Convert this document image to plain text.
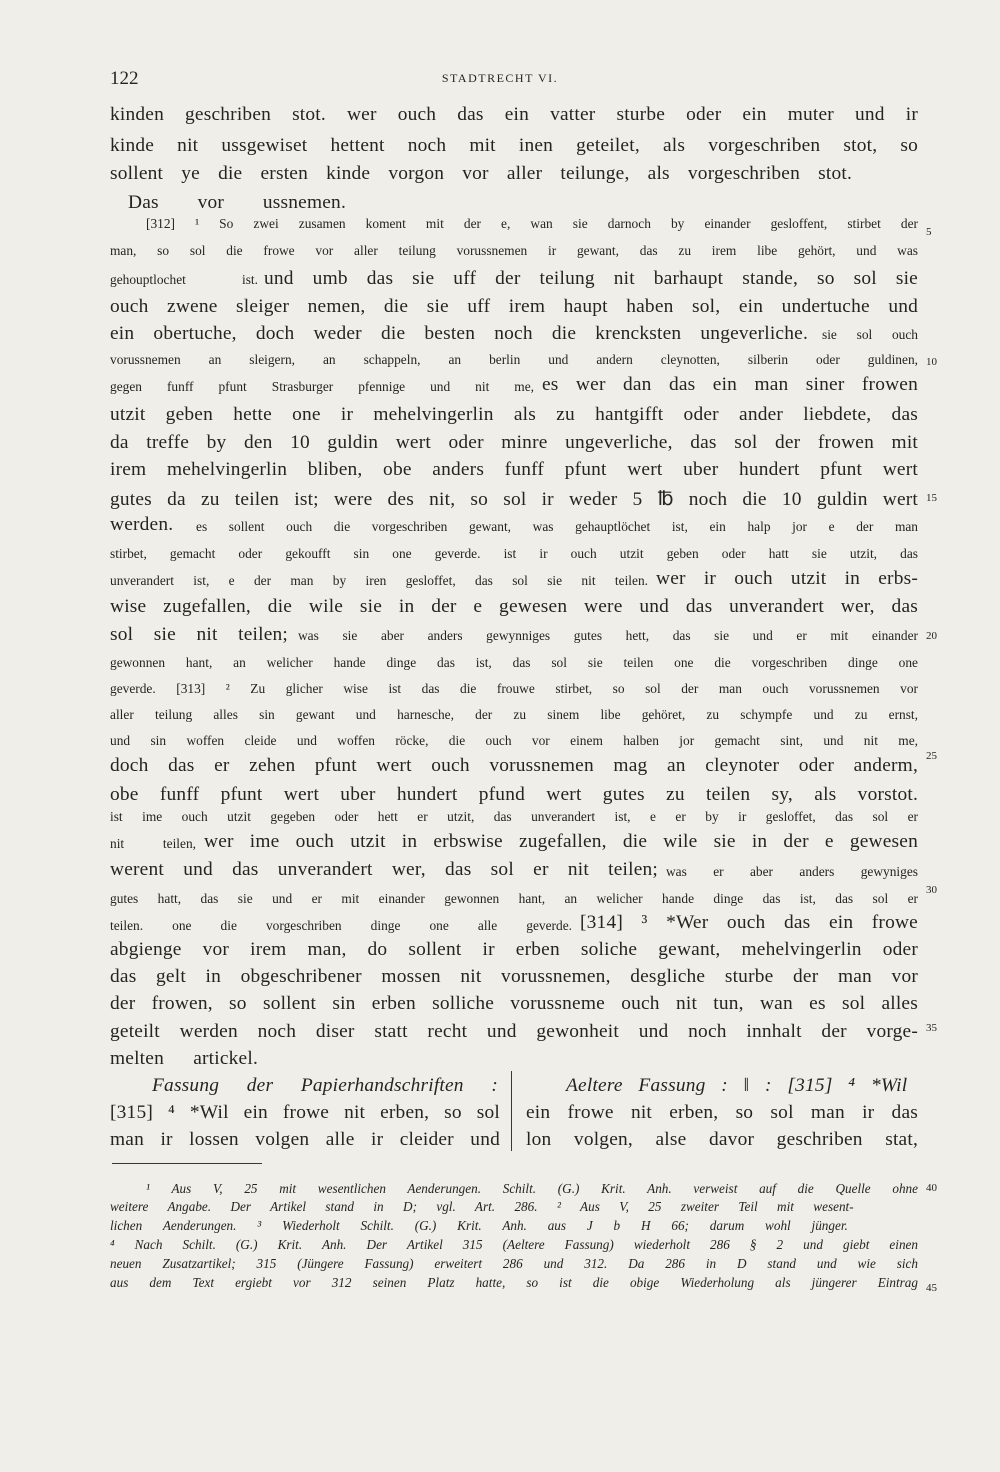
122	STADTRECHT VI.
kinden geschriben stot. wer ouch das ein vatter sturbe oder ein muter und ir
kinde nit ussgewiset hettent noch mit inen geteilet, als vorgeschriben stot, so
sollent ye die ersten kinde vorgon vor aller teilunge, als vorgeschriben stot.
Das vor ussnemen.
[312] ¹ So zwei zusamen koment mit der e, wan sie darnoch by einander gesloffent, stirbet der
man, so sol die frowe vor aller teilung vorussnemen ir gewant, das zu irem libe gehört, und was
gehouptlochet ist. und umb das sie uff der teilung nit barhaupt stande, so sol sie
ouch zwene sleiger nemen, die sie uff irem haupt haben sol, ein undertuche und
ein obertuche, doch weder die besten noch die krencksten ungeverliche. sie sol ouch
vorussnemen an sleigern, an schappeln, an berlin und andern cleynotten, silberin oder guldinen,
gegen funff pfunt Strasburger pfennige und nit me, es wer dan das ein man siner frowen
utzit geben hette one ir mehelvingerlin als zu hantgifft oder ander liebdete, das
da treffe by den 10 guldin wert oder minre ungeverliche, das sol der frowen mit
irem mehelvingerlin bliben, obe anders funff pfunt wert uber hundert pfunt wert
gutes da zu teilen ist; were des nit, so sol ir weder 5 ℔ noch die 10 guldin wert
werden. es sollent ouch die vorgeschriben gewant, was gehauptlöchet ist, ein halp jor e der man
stirbet, gemacht oder gekoufft sin one geverde. ist ir ouch utzit geben oder hatt sie utzit, das
unverandert ist, e der man by iren gesloffet, das sol sie nit teilen. wer ir ouch utzit in erbs-
wise zugefallen, die wile sie in der e gewesen were und das unverandert wer, das
sol sie nit teilen; was sie aber anders gewynniges gutes hett, das sie und er mit einander
gewonnen hant, an welicher hande dinge das ist, das sol sie teilen one die vorgeschriben dinge one
geverde. [313] ² Zu glicher wise ist das die frouwe stirbet, so sol der man ouch vorussnemen vor
aller teilung alles sin gewant und harnesche, der zu sinem libe gehöret, zu schympfe und zu ernst,
und sin woffen cleide und woffen röcke, die ouch vor einem halben jor gemacht sint, und nit me,
doch das er zehen pfunt wert ouch vorussnemen mag an cleynoter oder anderm,
obe funff pfunt wert uber hundert pfund wert gutes zu teilen sy, als vorstot.
ist ime ouch utzit gegeben oder hett er utzit, das unverandert ist, e er by ir gesloffet, das sol er
nit teilen, wer ime ouch utzit in erbswise zugefallen, die wile sie in der e gewesen
werent und das unverandert wer, das sol er nit teilen; was er aber anders gewyniges
gutes hatt, das sie und er mit einander gewonnen hant, an welicher hande dinge das ist, das sol er
teilen. one die vorgeschriben dinge one alle geverde. [314] ³ *Wer ouch das ein frowe
abgienge vor irem man, do sollent ir erben soliche gewant, mehelvingerlin oder
das gelt in obgeschribener mossen nit vorussnemen, desgliche sturbe der man vor
der frowen, so sollent sin erben solliche vorussneme ouch nit tun, wan es sol alles
geteilt werden noch diser statt recht und gewonheit und noch innhalt der vorge-
melten artickel.
Fassung der Papierhandschriften :	Aeltere Fassung : ‖ : [315] ⁴ *Wil
[315] ⁴ *Wil ein frowe nit erben, so sol ein frowe nit erben, so sol man ir das
man ir lossen volgen alle ir cleider und lon volgen, alse davor geschriben stat,
5
10
15
20
25
30
35
40
45
¹ Aus V, 25 mit wesentlichen Aenderungen. Schilt. (G.) Krit. Anh. verweist auf die Quelle ohne
weitere Angabe. Der Artikel stand in D; vgl. Art. 286. ² Aus V, 25 zweiter Teil mit wesent-
lichen Aenderungen. ³ Wiederholt Schilt. (G.) Krit. Anh. aus J b H 66; darum wohl jünger.
⁴ Nach Schilt. (G.) Krit. Anh. Der Artikel 315 (Aeltere Fassung) wiederholt 286 § 2 und giebt einen
neuen Zusatzartikel; 315 (Jüngere Fassung) erweitert 286 und 312. Da 286 in D stand und wie sich
aus dem Text ergiebt vor 312 seinen Platz hatte, so ist die obige Wiederholung als jüngerer Eintrag
